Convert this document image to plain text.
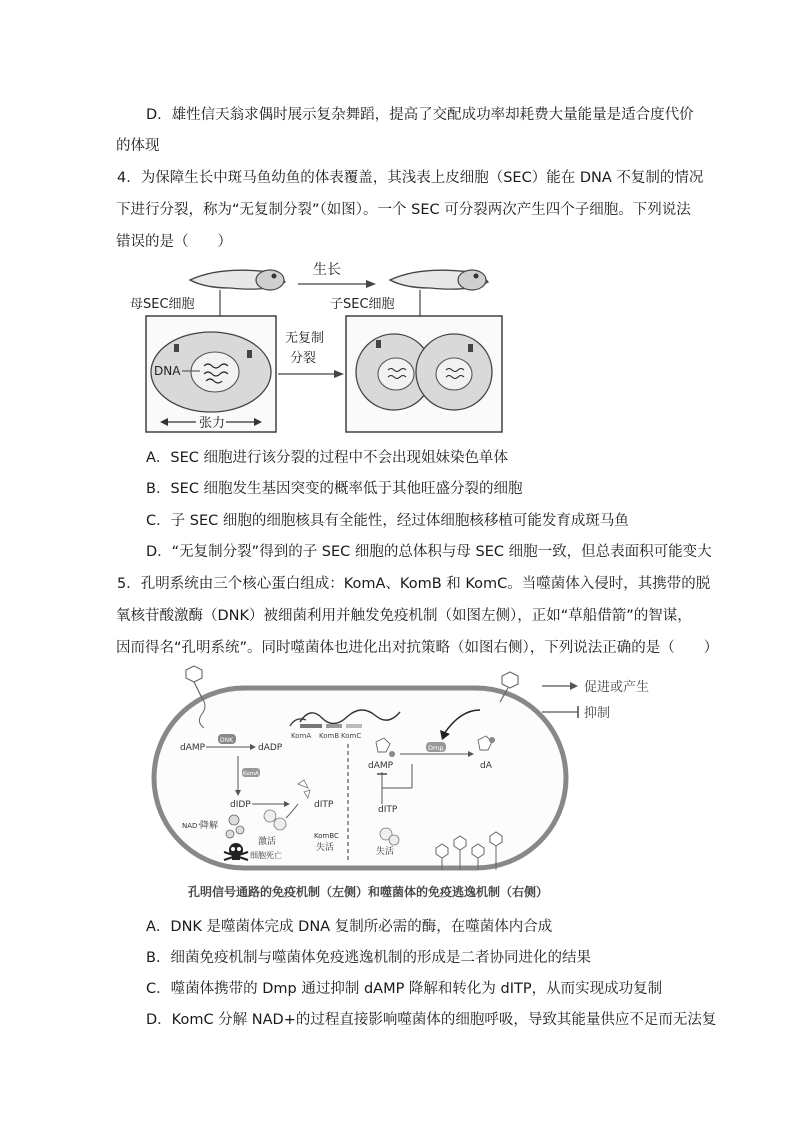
D．雄性信天翁求偶时展示复杂舞蹈，提高了交配成功率却耗费大量能量是适合度代价
的体现
4．为保障生长中斑马鱼幼鱼的体表覆盖，其浅表上皮细胞（SEC）能在 DNA 不复制的情况
下进行分裂，称为“无复制分裂”（如图）。一个 SEC 可分裂两次产生四个子细胞。下列说法
错误的是（　　）
生长
母SEC细胞	子SEC细胞
DNA
张力
无复制
分裂
A．SEC 细胞进行该分裂的过程中不会出现姐妹染色单体
B．SEC 细胞发生基因突变的概率低于其他旺盛分裂的细胞
C．子 SEC 细胞的细胞核具有全能性，经过体细胞核移植可能发育成斑马鱼
D．“无复制分裂”得到的子 SEC 细胞的总体积与母 SEC 细胞一致，但总表面积可能变大
5．孔明系统由三个核心蛋白组成：KomA、KomB 和 KomC。当噬菌体入侵时，其携带的脱
氧核苷酸激酶（DNK）被细菌利用并触发免疫机制（如图左侧），正如“草船借箭”的智谋，
因而得名“孔明系统”。同时噬菌体也进化出对抗策略（如图右侧），下列说法正确的是（　　）
促进或产生
抑制
KomA KomB KomC
dAMP
DNK
dADP
KomA
dIDP	dITP
NAD⁺
降解
激活
KomBC
失活
细胞死亡
dAMP
Dmp
dA
dITP
失活
孔明信号通路的免疫机制（左侧）和噬菌体的免疫逃逸机制（右侧）
A．DNK 是噬菌体完成 DNA 复制所必需的酶，在噬菌体内合成
B．细菌免疫机制与噬菌体免疫逃逸机制的形成是二者协同进化的结果
C．噬菌体携带的 Dmp 通过抑制 dAMP 降解和转化为 dITP，从而实现成功复制
D．KomC 分解 NAD+的过程直接影响噬菌体的细胞呼吸，导致其能量供应不足而无法复
